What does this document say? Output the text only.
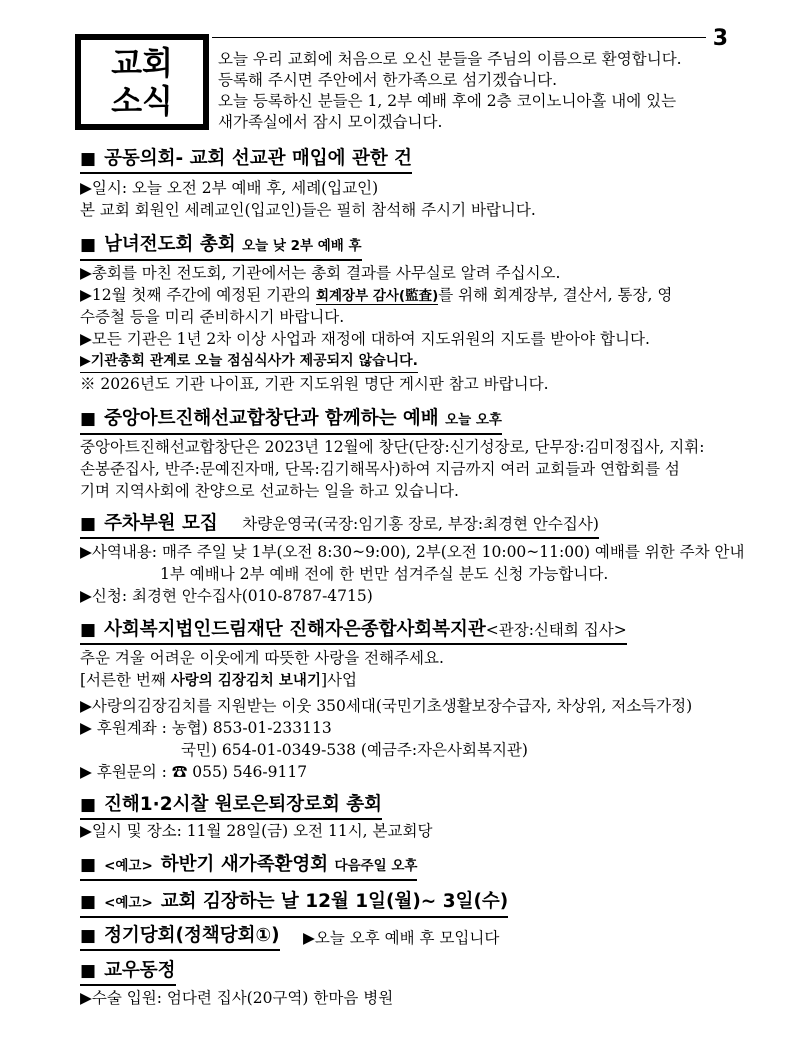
3
교회
소식
오늘 우리 교회에 처음으로 오신 분들을 주님의 이름으로 환영합니다.
등록해 주시면 주안에서 한가족으로 섬기겠습니다.
오늘 등록하신 분들은 1, 2부 예배 후에 2층 코이노니아홀 내에 있는
새가족실에서 잠시 모이겠습니다.
■ 공동의회- 교회 선교관 매입에 관한 건
▶일시: 오늘 오전 2부 예배 후, 세례(입교인)
본 교회 회원인 세례교인(입교인)들은 필히 참석해 주시기 바랍니다.
■ 남녀전도회 총회 오늘 낮 2부 예배 후
▶총회를 마친 전도회, 기관에서는 총회 결과를 사무실로 알려 주십시오.
▶12월 첫째 주간에 예정된 기관의 회계장부 감사(監査)를 위해 회계장부, 결산서, 통장, 영
수증철 등을 미리 준비하시기 바랍니다.
▶모든 기관은 1년 2차 이상 사업과 재정에 대하여 지도위원의 지도를 받아야 합니다.
▶기관총회 관계로 오늘 점심식사가 제공되지 않습니다.
※ 2026년도 기관 나이표, 기관 지도위원 명단 게시판 참고 바랍니다.
■ 중앙아트진해선교합창단과 함께하는 예배 오늘 오후
중앙아트진해선교합창단은 2023년 12월에 창단(단장:신기성장로, 단무장:김미정집사, 지휘:
손봉준집사, 반주:문예진자매, 단목:김기해목사)하여 지금까지 여러 교회들과 연합회를 섬
기며 지역사회에 찬양으로 선교하는 일을 하고 있습니다.
■ 주차부원 모집 차량운영국(국장:임기홍 장로, 부장:최경현 안수집사)
▶사역내용: 매주 주일 낮 1부(오전 8:30~9:00), 2부(오전 10:00~11:00) 예배를 위한 주차 안내
1부 예배나 2부 예배 전에 한 번만 섬겨주실 분도 신청 가능합니다.
▶신청: 최경현 안수집사(010-8787-4715)
■ 사회복지법인드림재단 진해자은종합사회복지관<관장:신태희 집사>
추운 겨울 어려운 이웃에게 따뜻한 사랑을 전해주세요.
[서른한 번째 사랑의 김장김치 보내기]사업
▶사랑의김장김치를 지원받는 이웃 350세대(국민기초생활보장수급자, 차상위, 저소득가정)
▶ 후원계좌 : 농협) 853-01-233113
국민) 654-01-0349-538 (예금주:자은사회복지관)
▶ 후원문의 : ☎ 055) 546-9117
■ 진해1·2시찰 원로은퇴장로회 총회
▶일시 및 장소: 11월 28일(금) 오전 11시, 본교회당
■ <예고> 하반기 새가족환영회 다음주일 오후
■ <예고> 교회 김장하는 날 12월 1일(월)~ 3일(수)
■ 정기당회(정책당회①) ▶오늘 오후 예배 후 모입니다
■ 교우동정
▶수술 입원: 엄다련 집사(20구역) 한마음 병원
